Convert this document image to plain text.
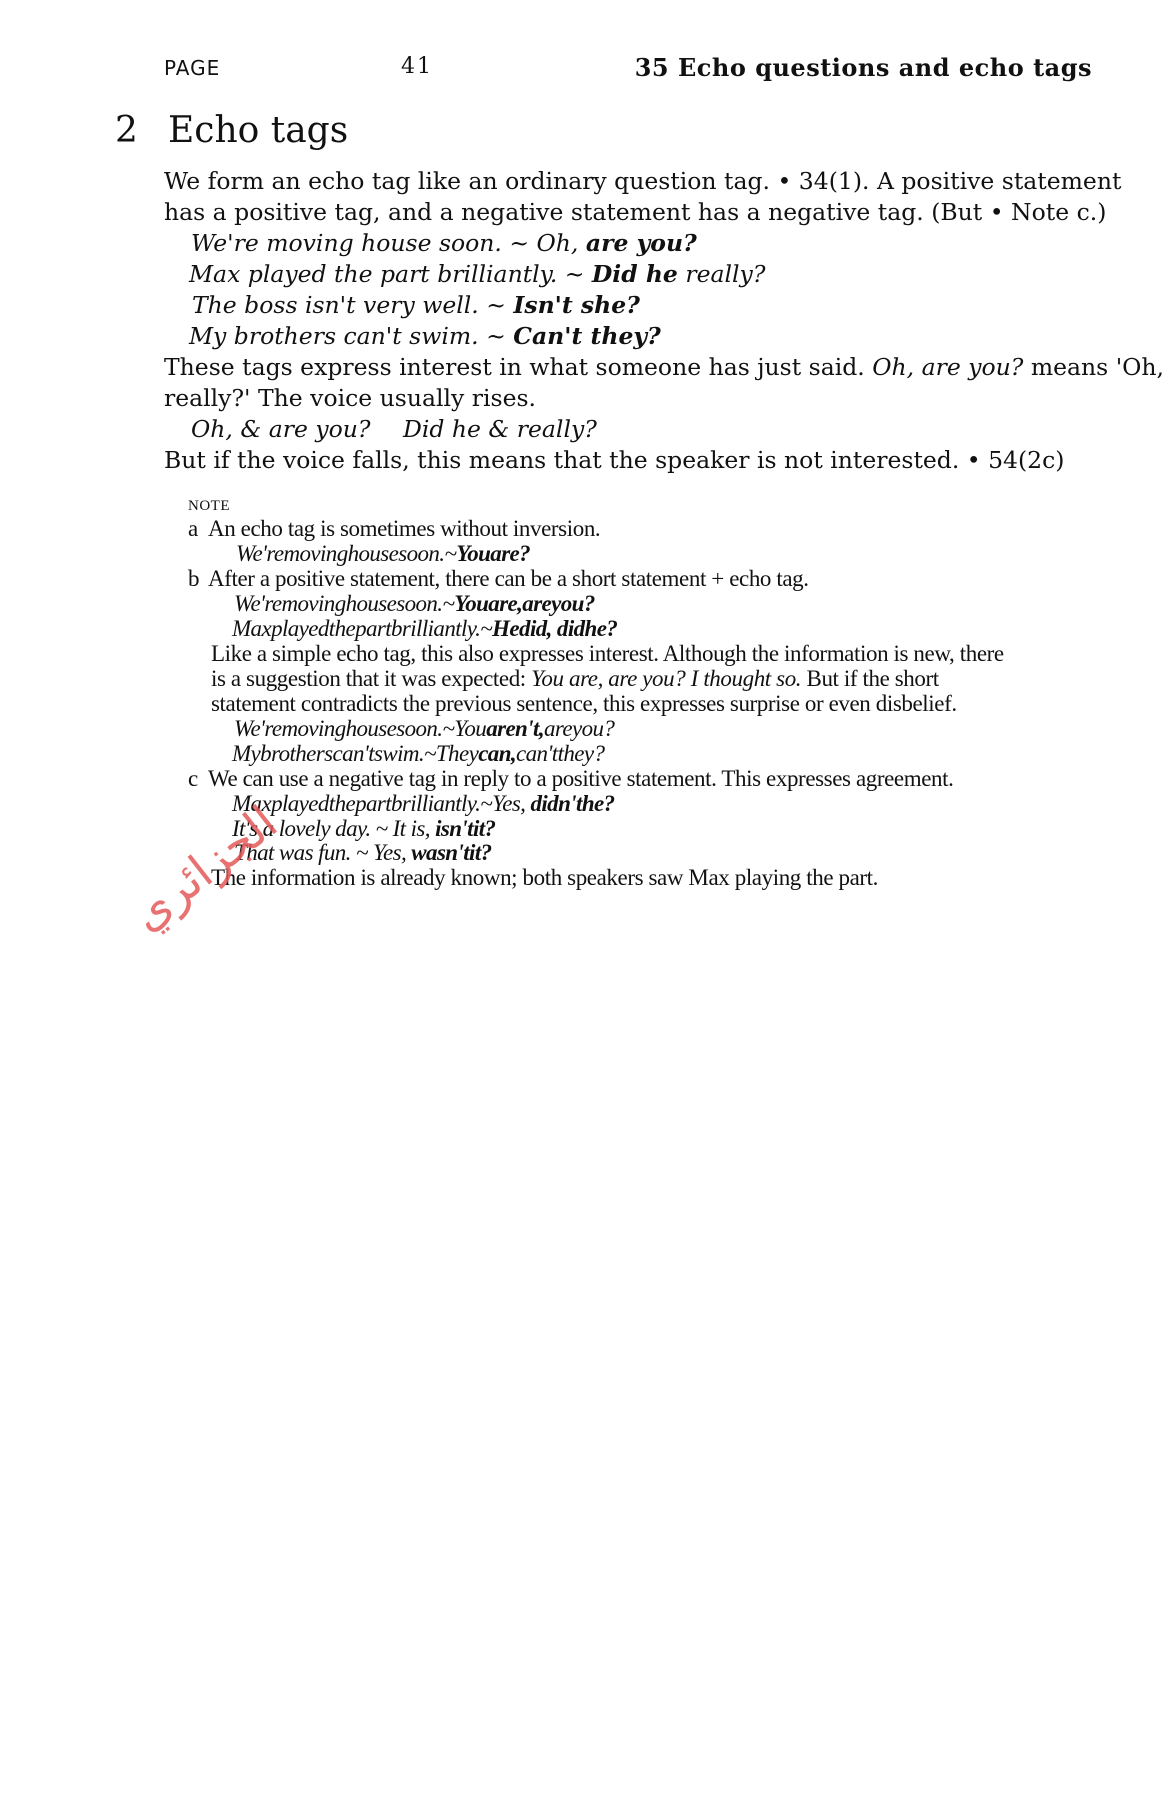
PAGE	41	35 Echo questions and echo tags
2 Echo tags
We form an echo tag like an ordinary question tag. • 34(1). A positive statement
has a positive tag, and a negative statement has a negative tag. (But • Note c.)
We're moving house soon. ~ Oh, are you?
Max played the part brilliantly. ~ Did he really?
The boss isn't very well. ~ Isn't she?
My brothers can't swim. ~ Can't they?
These tags express interest in what someone has just said. Oh, are you? means 'Oh,
really?' The voice usually rises.
Oh, & are you? Did he & really?
But if the voice falls, this means that the speaker is not interested. • 54(2c)
NOTE
a An echo tag is sometimes without inversion.
We'removinghousesoon.~Youare?
b After a positive statement, there can be a short statement + echo tag.
We'removinghousesoon.~Youare,areyou?
Maxplayedthepartbrilliantly.~Hedid, didhe?
Like a simple echo tag, this also expresses interest. Although the information is new, there
is a suggestion that it was expected: You are, are you? I thought so. But if the short
statement contradicts the previous sentence, this expresses surprise or even disbelief.
We'removinghousesoon.~Youaren't,areyou?
Mybrotherscan'tswim.~Theycan,can'tthey?
c We can use a negative tag in reply to a positive statement. This expresses agreement.
Maxplayedthepartbrilliantly.~Yes, didn'the?
It's a lovely day. ~ It is, isn'tit?
That was fun. ~ Yes, wasn'tit?
The information is already known; both speakers saw Max playing the part.
الجزائري
